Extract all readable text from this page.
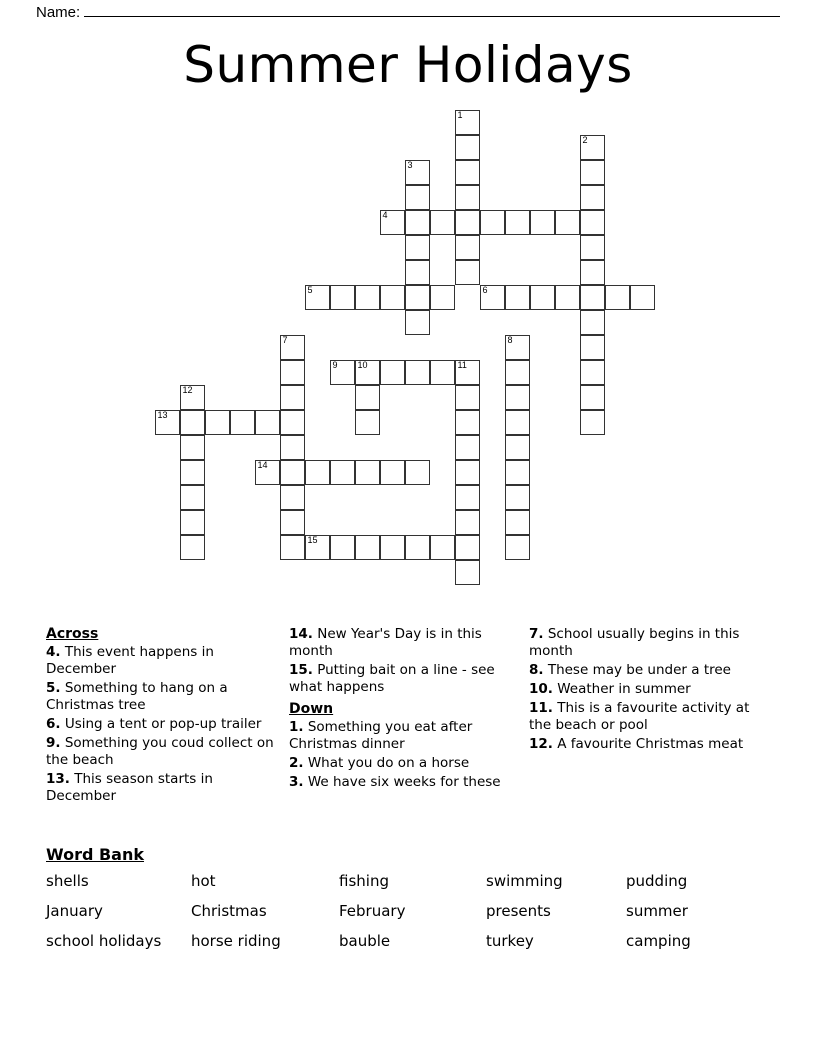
Name:
Summer Holidays
1
2
3
4
5	6
7	8
9 10	11
12
13
14
15
Across

4. This event happens in December

5. Something to hang on a Christmas tree

6. Using a tent or pop-up trailer

9. Something you coud collect on the beach

13. This season starts in December

14. New Year's Day is in this month

15. Putting bait on a line - see what happens

Down

1. Something you eat after Christmas dinner

2. What you do on a horse

3. We have six weeks for these

7. School usually begins in this month

8. These may be under a tree

10. Weather in summer

11. This is a favourite activity at the beach or pool

12. A favourite Christmas meat

Word Bank
shells	hot	fishing	swimming	pudding
January	Christmas	February	presents	summer
school holidays	horse riding	bauble	turkey	camping
